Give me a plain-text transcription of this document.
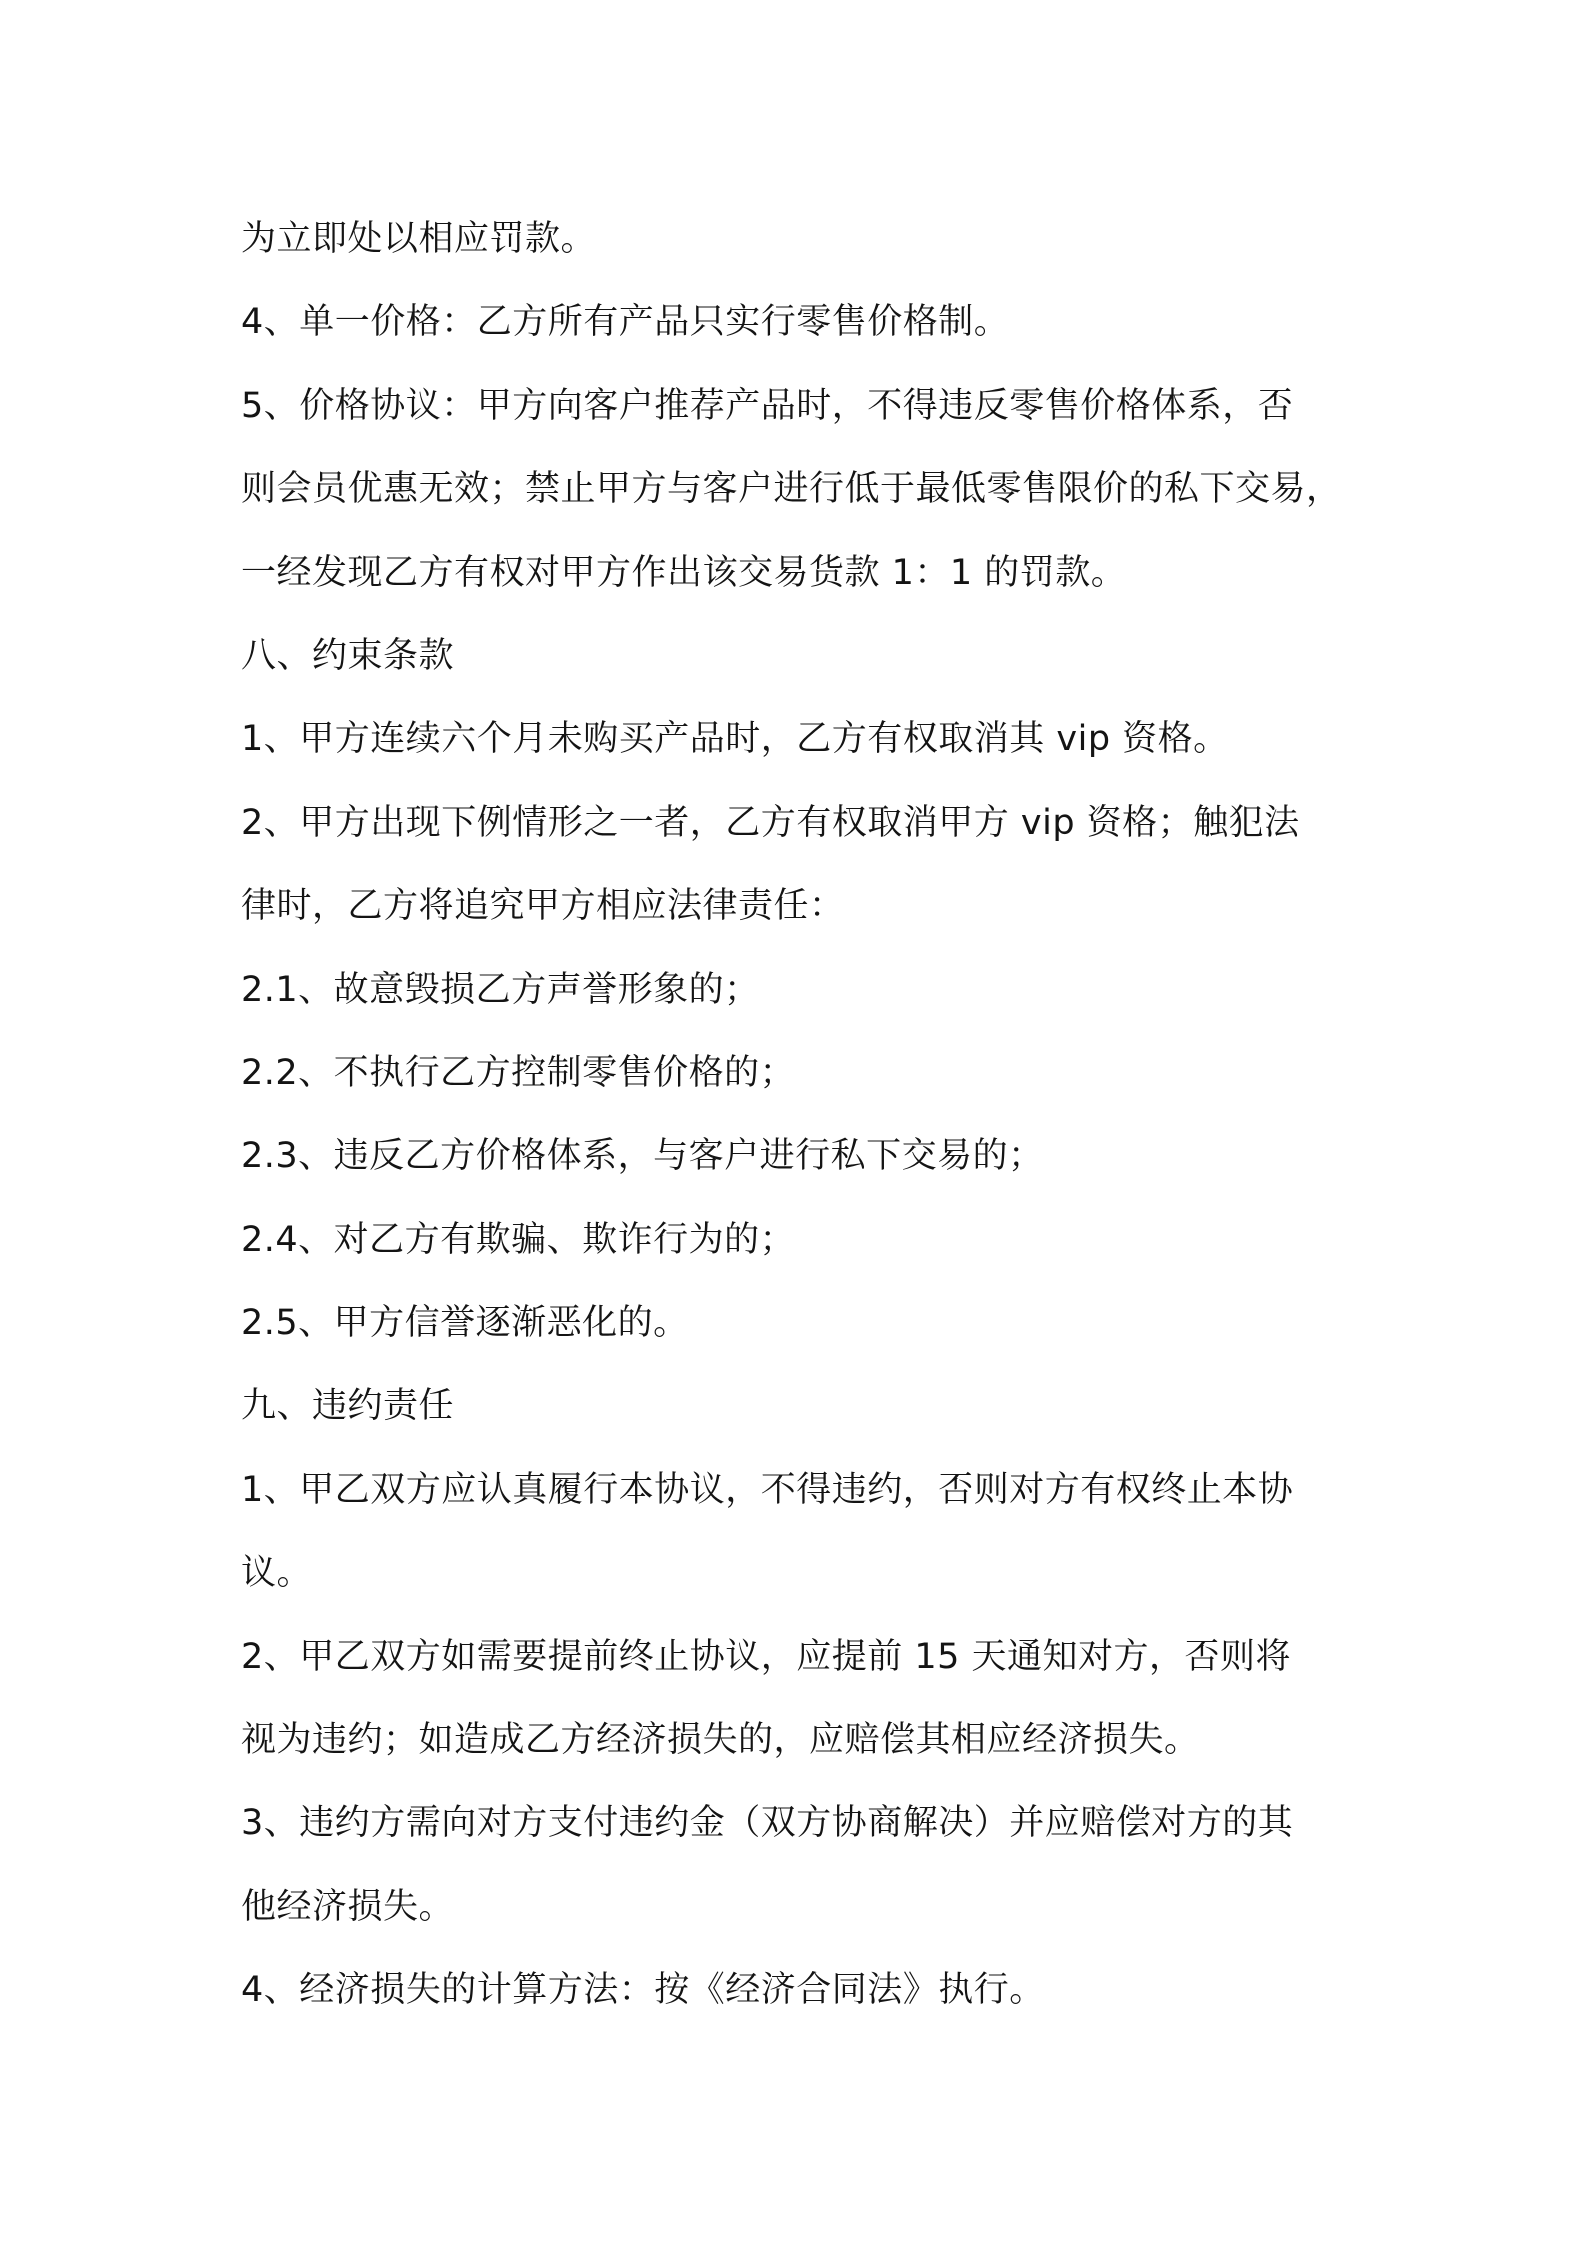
为立即处以相应罚款。
4、单一价格：乙方所有产品只实行零售价格制。
5、价格协议：甲方向客户推荐产品时，不得违反零售价格体系，否
则会员优惠无效；禁止甲方与客户进行低于最低零售限价的私下交易，
一经发现乙方有权对甲方作出该交易货款 1：1 的罚款。
八、约束条款
1、甲方连续六个月未购买产品时，乙方有权取消其 vip 资格。
2、甲方出现下例情形之一者，乙方有权取消甲方 vip 资格；触犯法
律时，乙方将追究甲方相应法律责任：
2.1、故意毁损乙方声誉形象的；
2.2、不执行乙方控制零售价格的；
2.3、违反乙方价格体系，与客户进行私下交易的；
2.4、对乙方有欺骗、欺诈行为的；
2.5、甲方信誉逐渐恶化的。
九、违约责任
1、甲乙双方应认真履行本协议，不得违约，否则对方有权终止本协
议。
2、甲乙双方如需要提前终止协议，应提前 15 天通知对方，否则将
视为违约；如造成乙方经济损失的，应赔偿其相应经济损失。
3、违约方需向对方支付违约金（双方协商解决）并应赔偿对方的其
他经济损失。
4、经济损失的计算方法：按《经济合同法》执行。
